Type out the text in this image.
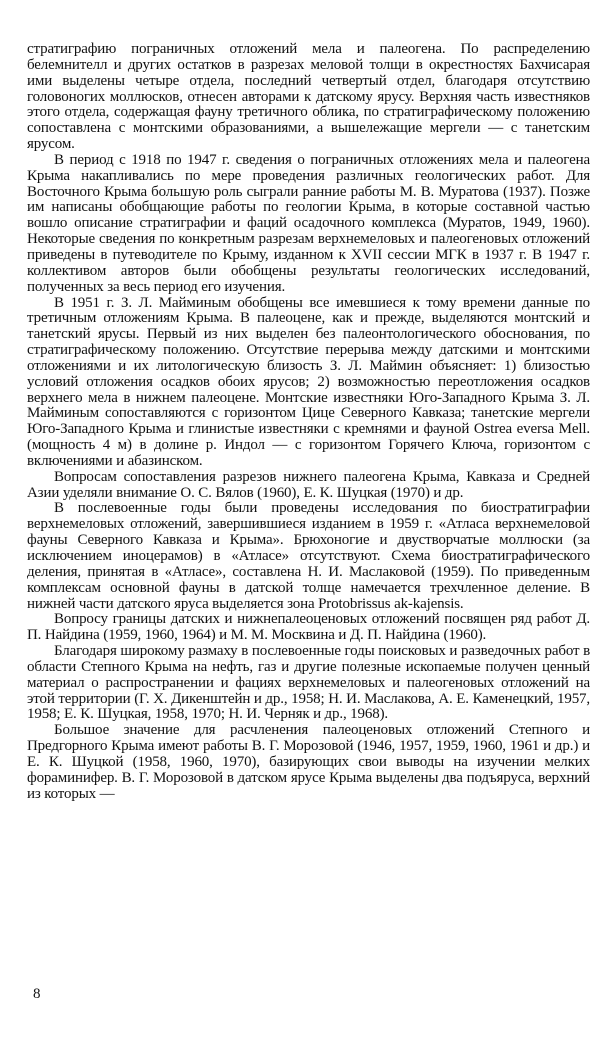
стратиграфию пограничных отложений мела и палеогена. По распределению белемнителл и других остатков в разрезах меловой толщи в окрестностях Бахчисарая ими выделены четыре отдела, последний четвертый отдел, благодаря отсутствию головоногих моллюсков, отнесен авторами к датскому ярусу. Верхняя часть известняков этого отдела, содержащая фауну третичного облика, по стратиграфическому положению сопоставлена с монтскими образованиями, а вышележащие мергели — с танетским ярусом.

В период с 1918 по 1947 г. сведения о пограничных отложениях мела и палеогена Крыма накапливались по мере проведения различных геологических работ. Для Восточного Крыма большую роль сыграли ранние работы М. В. Муратова (1937). Позже им написаны обобщающие работы по геологии Крыма, в которые составной частью вошло описание стратиграфии и фаций осадочного комплекса (Муратов, 1949, 1960). Некоторые сведения по конкретным разрезам верхнемеловых и палеогеновых отложений приведены в путеводителе по Крыму, изданном к XVII сессии МГК в 1937 г. В 1947 г. коллективом авторов были обобщены результаты геологических исследований, полученных за весь период его изучения.

В 1951 г. З. Л. Майминым обобщены все имевшиеся к тому времени данные по третичным отложениям Крыма. В палеоцене, как и прежде, выделяются монтский и танетский ярусы. Первый из них выделен без палеонтологического обоснования, по стратиграфическому положению. Отсутствие перерыва между датскими и монтскими отложениями и их литологическую близость З. Л. Маймин объясняет: 1) близостью условий отложения осадков обоих ярусов; 2) возможностью переотложения осадков верхнего мела в нижнем палеоцене. Монтские известняки Юго-Западного Крыма З. Л. Майминым сопоставляются с горизонтом Цице Северного Кавказа; танетские мергели Юго-Западного Крыма и глинистые известняки с кремнями и фауной Ostrea eversa Mell. (мощность 4 м) в долине р. Индол — с горизонтом Горячего Ключа, горизонтом с включениями и абазинском.

Вопросам сопоставления разрезов нижнего палеогена Крыма, Кавказа и Средней Азии уделяли внимание О. С. Вялов (1960), Е. К. Шуцкая (1970) и др.

В послевоенные годы были проведены исследования по биостратиграфии верхнемеловых отложений, завершившиеся изданием в 1959 г. «Атласа верхнемеловой фауны Северного Кавказа и Крыма». Брюхоногие и двустворчатые моллюски (за исключением иноцерамов) в «Атласе» отсутствуют. Схема биостратиграфического деления, принятая в «Атласе», составлена Н. И. Маслаковой (1959). По приведенным комплексам основной фауны в датской толще намечается трехчленное деление. В нижней части датского яруса выделяется зона Protobrissus ak-kajensis.

Вопросу границы датских и нижнепалеоценовых отложений посвящен ряд работ Д. П. Найдина (1959, 1960, 1964) и М. М. Москвина и Д. П. Найдина (1960).

Благодаря широкому размаху в послевоенные годы поисковых и разведочных работ в области Степного Крыма на нефть, газ и другие полезные ископаемые получен ценный материал о распространении и фациях верхнемеловых и палеогеновых отложений на этой территории (Г. Х. Дикенштейн и др., 1958; Н. И. Маслакова, А. Е. Каменецкий, 1957, 1958; Е. К. Шуцкая, 1958, 1970; Н. И. Черняк и др., 1968).

Большое значение для расчленения палеоценовых отложений Степного и Предгорного Крыма имеют работы В. Г. Морозовой (1946, 1957, 1959, 1960, 1961 и др.) и Е. К. Шуцкой (1958, 1960, 1970), базирующих свои выводы на изучении мелких фораминифер. В. Г. Морозовой в датском ярусе Крыма выделены два подъяруса, верхний из которых —

8
